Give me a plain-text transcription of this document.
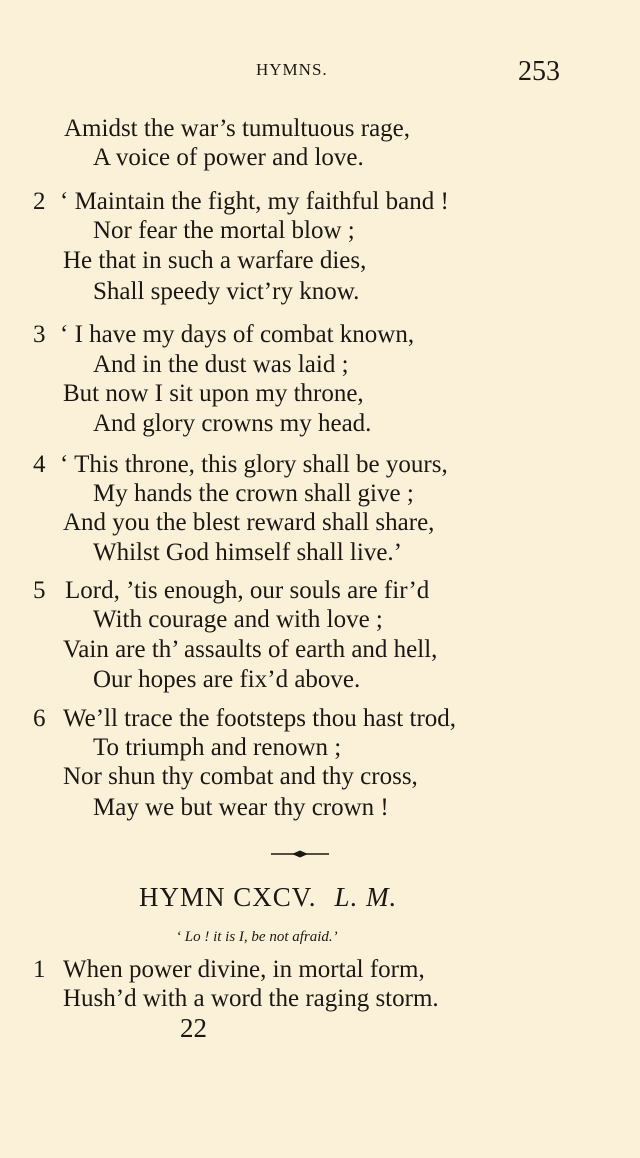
HYMNS.	253
Amidst the war’s tumultuous rage,
A voice of power and love.
2 ‘ Maintain the fight, my faithful band !
Nor fear the mortal blow ;
He that in such a warfare dies,
Shall speedy vict’ry know.
3 ‘ I have my days of combat known,
And in the dust was laid ;
But now I sit upon my throne,
And glory crowns my head.
4 ‘ This throne, this glory shall be yours,
My hands the crown shall give ;
And you the blest reward shall share,
Whilst God himself shall live.’
5 Lord, ’tis enough, our souls are fir’d
With courage and with love ;
Vain are th’ assaults of earth and hell,
Our hopes are fix’d above.
6 We’ll trace the footsteps thou hast trod,
To triumph and renown ;
Nor shun thy combat and thy cross,
May we but wear thy crown !
HYMN CXCV. L. M.
‘ Lo ! it is I, be not afraid.’
1 When power divine, in mortal form,
Hush’d with a word the raging storm.
22
